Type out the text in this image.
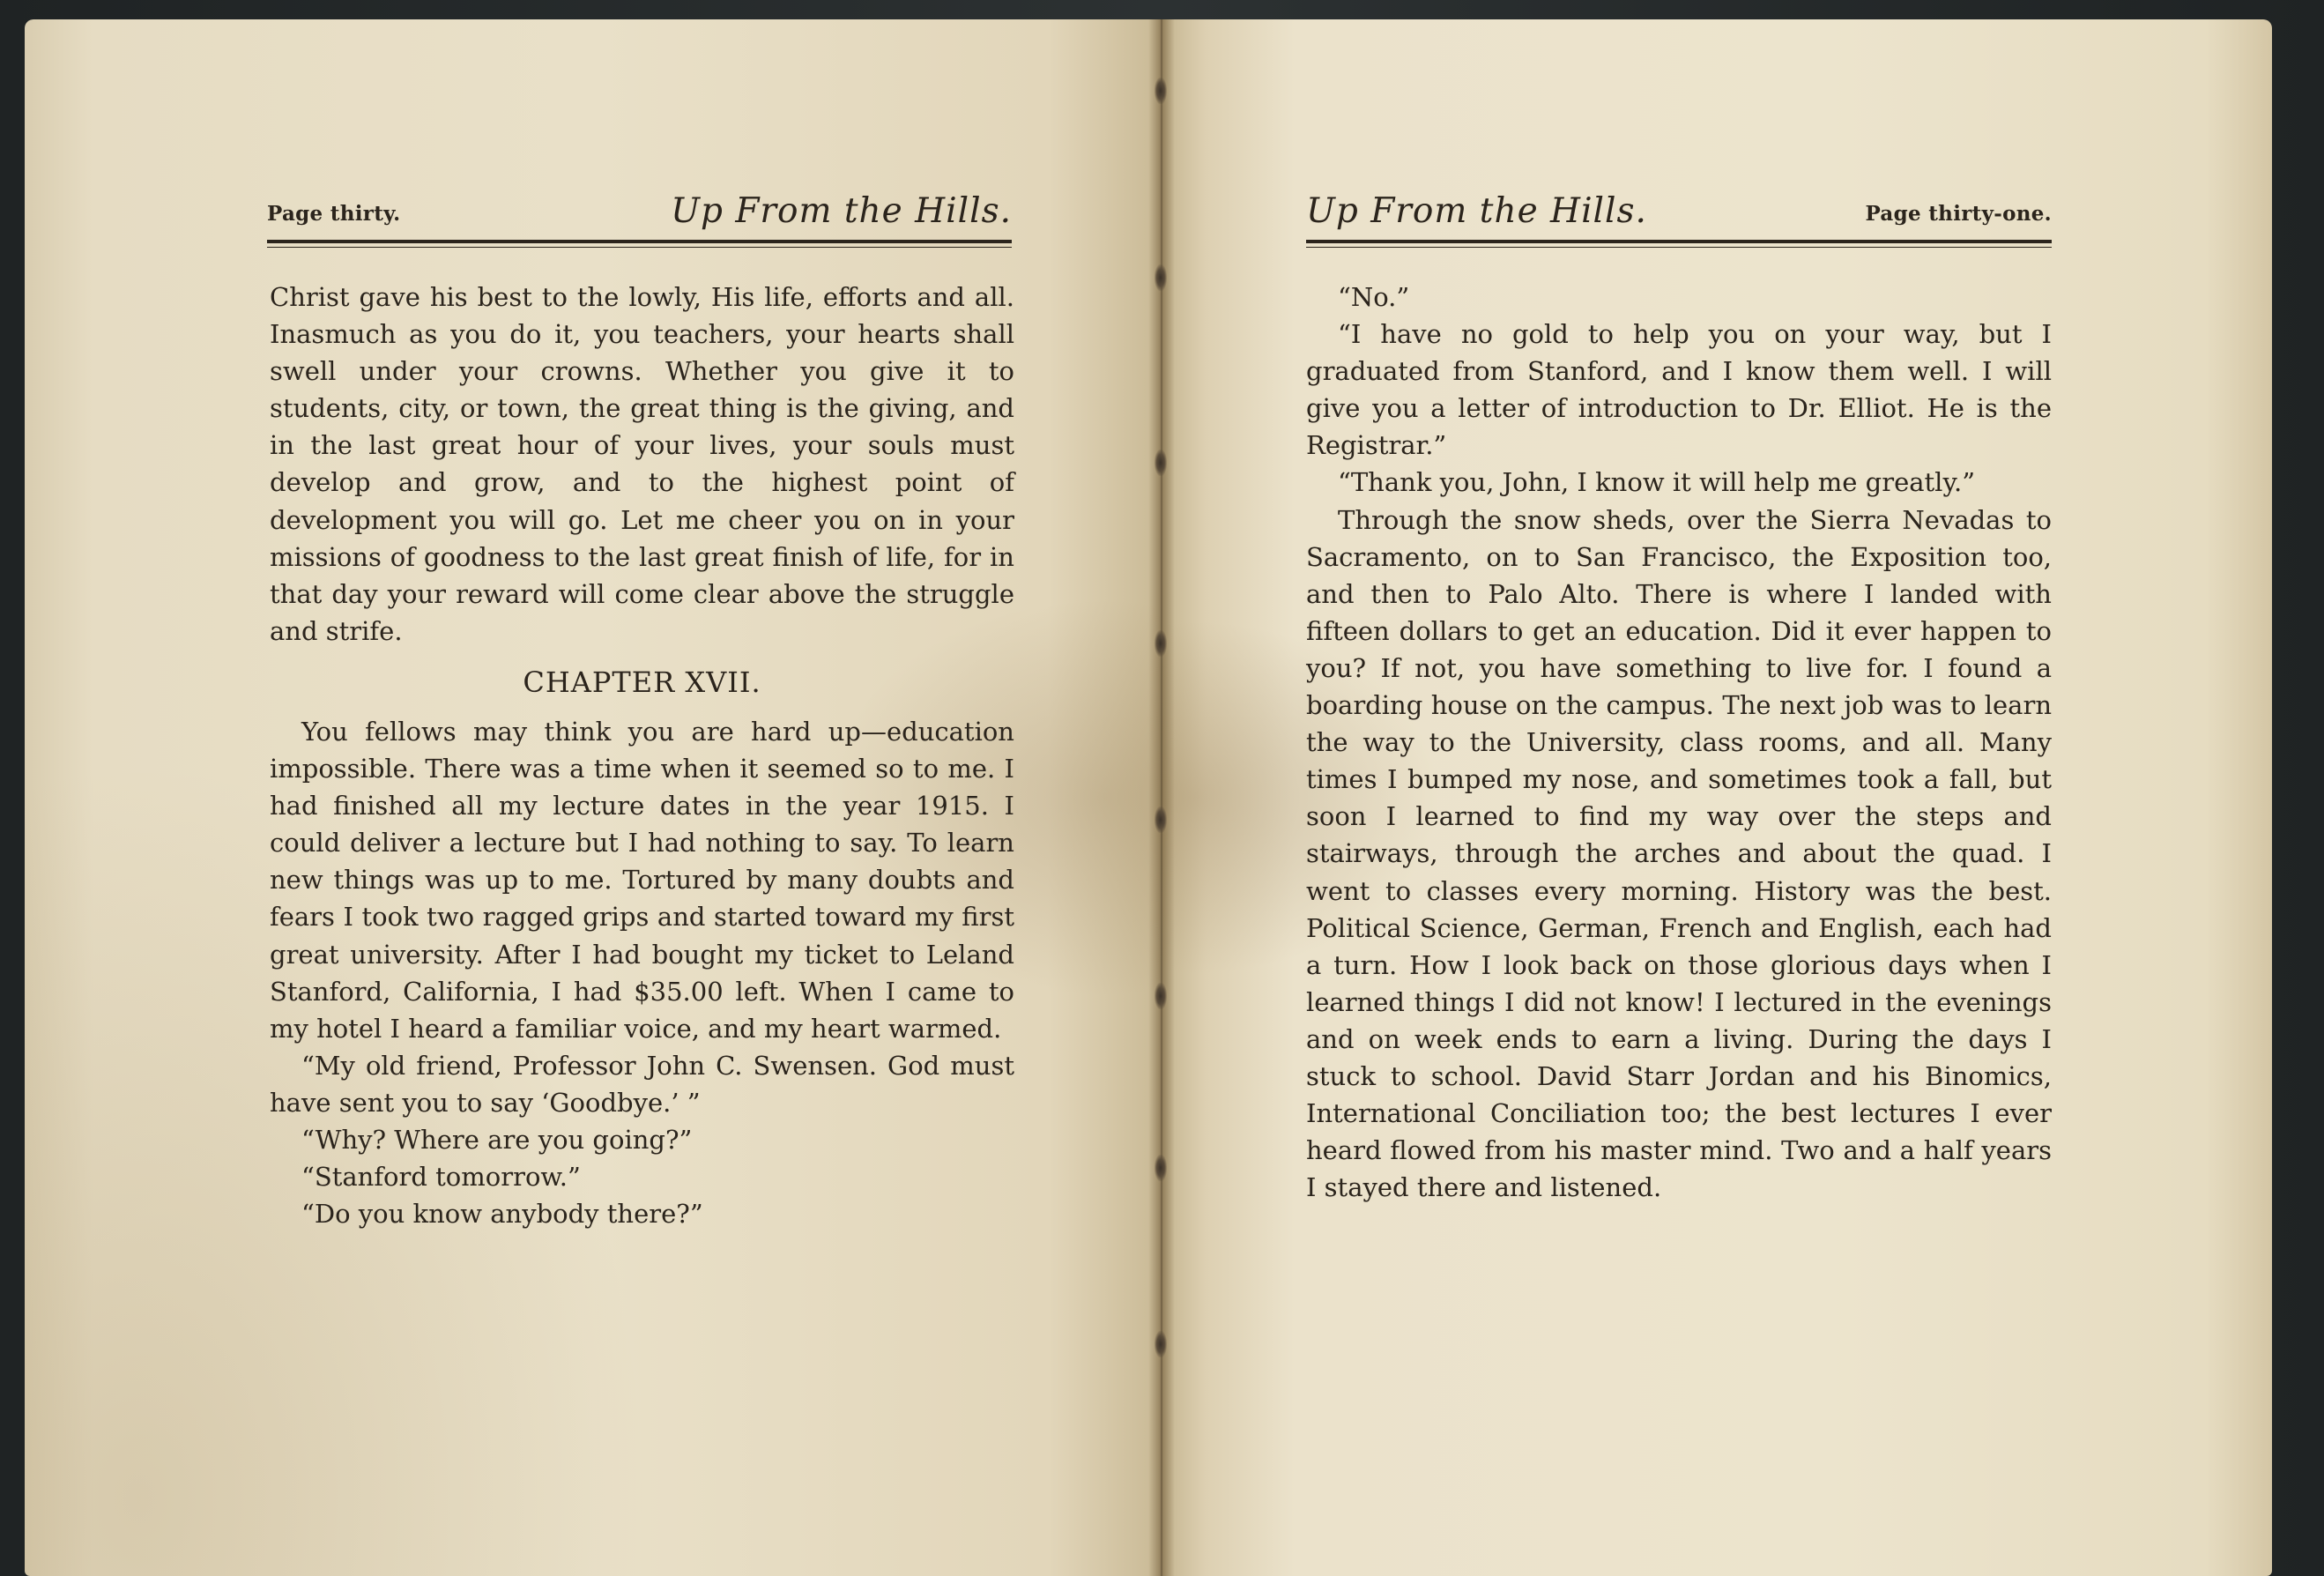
Page thirty.	Up From the Hills.

Christ gave his best to the lowly, His life, efforts and all. Inasmuch as you do it, you teachers, your hearts shall swell under your crowns. Whether you give it to students, city, or town, the great thing is the giving, and in the last great hour of your lives, your souls must develop and grow, and to the highest point of development you will go. Let me cheer you on in your missions of goodness to the last great finish of life, for in that day your reward will come clear above the struggle and strife.

CHAPTER XVII.

You fellows may think you are hard up—education impossible. There was a time when it seemed so to me. I had finished all my lecture dates in the year 1915. I could deliver a lecture but I had nothing to say. To learn new things was up to me. Tortured by many doubts and fears I took two ragged grips and started toward my first great university. After I had bought my ticket to Leland Stanford, California, I had $35.00 left. When I came to my hotel I heard a familiar voice, and my heart warmed.

“My old friend, Professor John C. Swensen. God must have sent you to say ‘Goodbye.’ ”

“Why? Where are you going?”

“Stanford tomorrow.”

“Do you know anybody there?”

Up From the Hills.	Page thirty-one.

“No.”

“I have no gold to help you on your way, but I graduated from Stanford, and I know them well. I will give you a letter of introduction to Dr. Elliot. He is the Registrar.”

“Thank you, John, I know it will help me greatly.”

Through the snow sheds, over the Sierra Nevadas to Sacramento, on to San Francisco, the Exposition too, and then to Palo Alto. There is where I landed with fifteen dollars to get an education. Did it ever happen to you? If not, you have something to live for. I found a boarding house on the campus. The next job was to learn the way to the University, class rooms, and all. Many times I bumped my nose, and sometimes took a fall, but soon I learned to find my way over the steps and stairways, through the arches and about the quad. I went to classes every morning. History was the best. Political Science, German, French and English, each had a turn. How I look back on those glorious days when I learned things I did not know! I lectured in the evenings and on week ends to earn a living. During the days I stuck to school. David Starr Jordan and his Binomics, International Conciliation too; the best lectures I ever heard flowed from his master mind. Two and a half years I stayed there and listened.
